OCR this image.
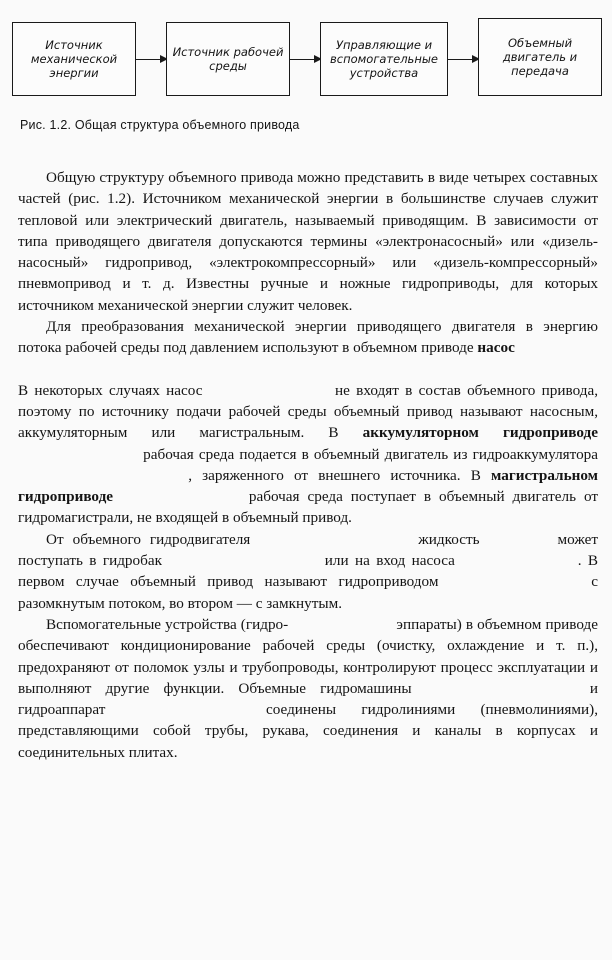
Источник механической энергии
Источник рабочей среды
Управляющие и вспомогательные устройства
Объемный двигатель и передача
Рис. 1.2. Общая структура объемного привода

Общую структуру объемного привода можно представить в виде четырех составных частей (рис. 1.2). Источником механической энергии в большинстве случаев служит тепловой или электрический двигатель, называемый приводящим. В зависимости от типа приводящего двигателя допускаются термины «электронасосный» или «дизель-насосный» гидропривод, «электрокомпрессорный» или «дизель-компрессорный» пневмопривод и т. д. Известны ручные и ножные гидроприводы, для которых источником механической энергии служит человек.

Для преобразования механической энергии приводящего двигателя в энергию потока рабочей среды под давлением используют в объемном приводе насос

В некоторых случаях насос	не входят в состав объемного привода, поэтому по источнику подачи рабочей среды объемный привод называют насосным, аккумуляторным или магистральным. В аккумуляторном гидроприводе  рабочая среда подается в объемный двигатель из гидроаккумулятора  , заряженного от внешнего источника. В магистральном гидроприводе	рабочая среда поступает в объемный двигатель от гидромагистрали, не входящей в объемный привод.

От объемного гидродвигателя	жидкость	может поступать в гидробак	или на вход насоса	. В первом случае объемный привод называют гидроприводом	с разомкнутым потоком, во втором — с замкнутым.

Вспомогательные устройства (гидро-	эппараты) в объемном приводе обеспечивают кондиционирование рабочей среды (очистку, охлаждение и т. п.), предохраняют от поломок узлы и трубопроводы, контролируют процесс эксплуатации и выполняют другие функции. Объемные гидромашины	и гидроаппарат	соединены гидролиниями (пневмолиниями), представляющими собой трубы, рукава, соединения и каналы в корпусах и соединительных плитах.
